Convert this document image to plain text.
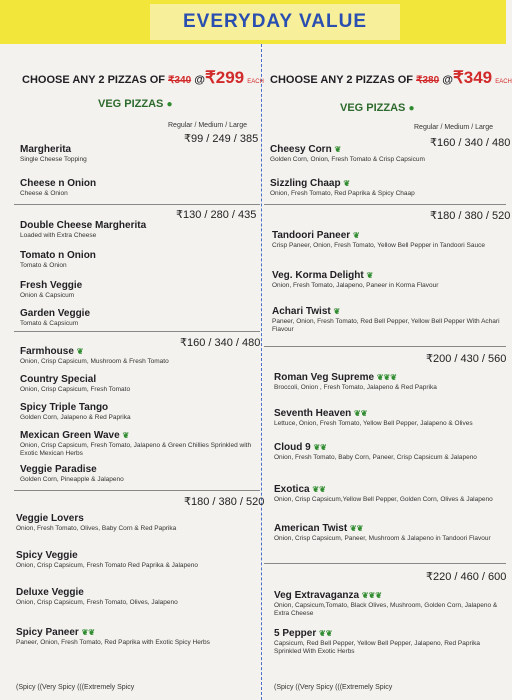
EVERYDAY VALUE
CHOOSE ANY 2 PIZZAS OF ₹340 @₹299 EACH
VEG PIZZAS ●
Regular / Medium / Large
₹99 / 249 / 385
Margherita
Single Cheese Topping
Cheese n Onion
Cheese & Onion
₹130 / 280 / 435
Double Cheese Margherita
Loaded with Extra Cheese
Tomato n Onion
Tomato & Onion
Fresh Veggie
Onion & Capsicum
Garden Veggie
Tomato & Capsicum
₹160 / 340 / 480
Farmhouse ❦
Onion, Crisp Capsicum, Mushroom & Fresh Tomato
Country Special
Onion, Crisp Capsicum, Fresh Tomato
Spicy Triple Tango
Golden Corn, Jalapeno & Red Paprika
Mexican Green Wave ❦
Onion, Crisp Capsicum, Fresh Tomato, Jalapeno & Green Chillies Sprinkled with Exotic Mexican Herbs
Veggie Paradise
Golden Corn, Pineapple & Jalapeno
₹180 / 380 / 520
Veggie Lovers
Onion, Fresh Tomato, Olives, Baby Corn & Red Paprika
Spicy Veggie
Onion, Crisp Capsicum, Fresh Tomato Red Paprika & Jalapeno
Deluxe Veggie
Onion, Crisp Capsicum, Fresh Tomato, Olives, Jalapeno
Spicy Paneer ❦❦
Paneer, Onion, Fresh Tomato, Red Paprika with Exotic Spicy Herbs
(Spicy ((Very Spicy (((Extremely Spicy
CHOOSE ANY 2 PIZZAS OF ₹380 @₹349 EACH
VEG PIZZAS ●
Regular / Medium / Large
₹160 / 340 / 480
Cheesy Corn ❦
Golden Corn, Onion, Fresh Tomato & Crisp Capsicum
Sizzling Chaap ❦
Onion, Fresh Tomato, Red Paprika & Spicy Chaap
₹180 / 380 / 520
Tandoori Paneer ❦
Crisp Paneer, Onion, Fresh Tomato, Yellow Bell Pepper in Tandoori Sauce
Veg. Korma Delight ❦
Onion, Fresh Tomato, Jalapeno, Paneer in Korma Flavour
Achari Twist ❦
Paneer, Onion, Fresh Tomato, Red Bell Pepper, Yellow Bell Pepper With Achari Flavour
₹200 / 430 / 560
Roman Veg Supreme ❦❦❦
Broccoli, Onion , Fresh Tomato, Jalapeno & Red Paprika
Seventh Heaven ❦❦
Lettuce, Onion, Fresh Tomato, Yellow Bell Pepper, Jalapeno & Olives
Cloud 9 ❦❦
Onion, Fresh Tomato, Baby Corn, Paneer, Crisp Capsicum & Jalapeno
Exotica ❦❦
Onion, Crisp Capsicum,Yellow Bell Pepper, Golden Corn, Olives & Jalapeno
American Twist ❦❦
Onion, Crisp Capsicum, Paneer, Mushroom & Jalapeno in Tandoori Flavour
₹220 / 460 / 600
Veg Extravaganza ❦❦❦
Onion, Capsicum,Tomato, Black Olives, Mushroom, Golden Corn, Jalapeno & Extra Cheese
5 Pepper ❦❦
Capsicum, Red Bell Pepper, Yellow Bell Pepper, Jalapeno, Red Paprika Sprinkled With Exotic Herbs
(Spicy ((Very Spicy (((Extremely Spicy
